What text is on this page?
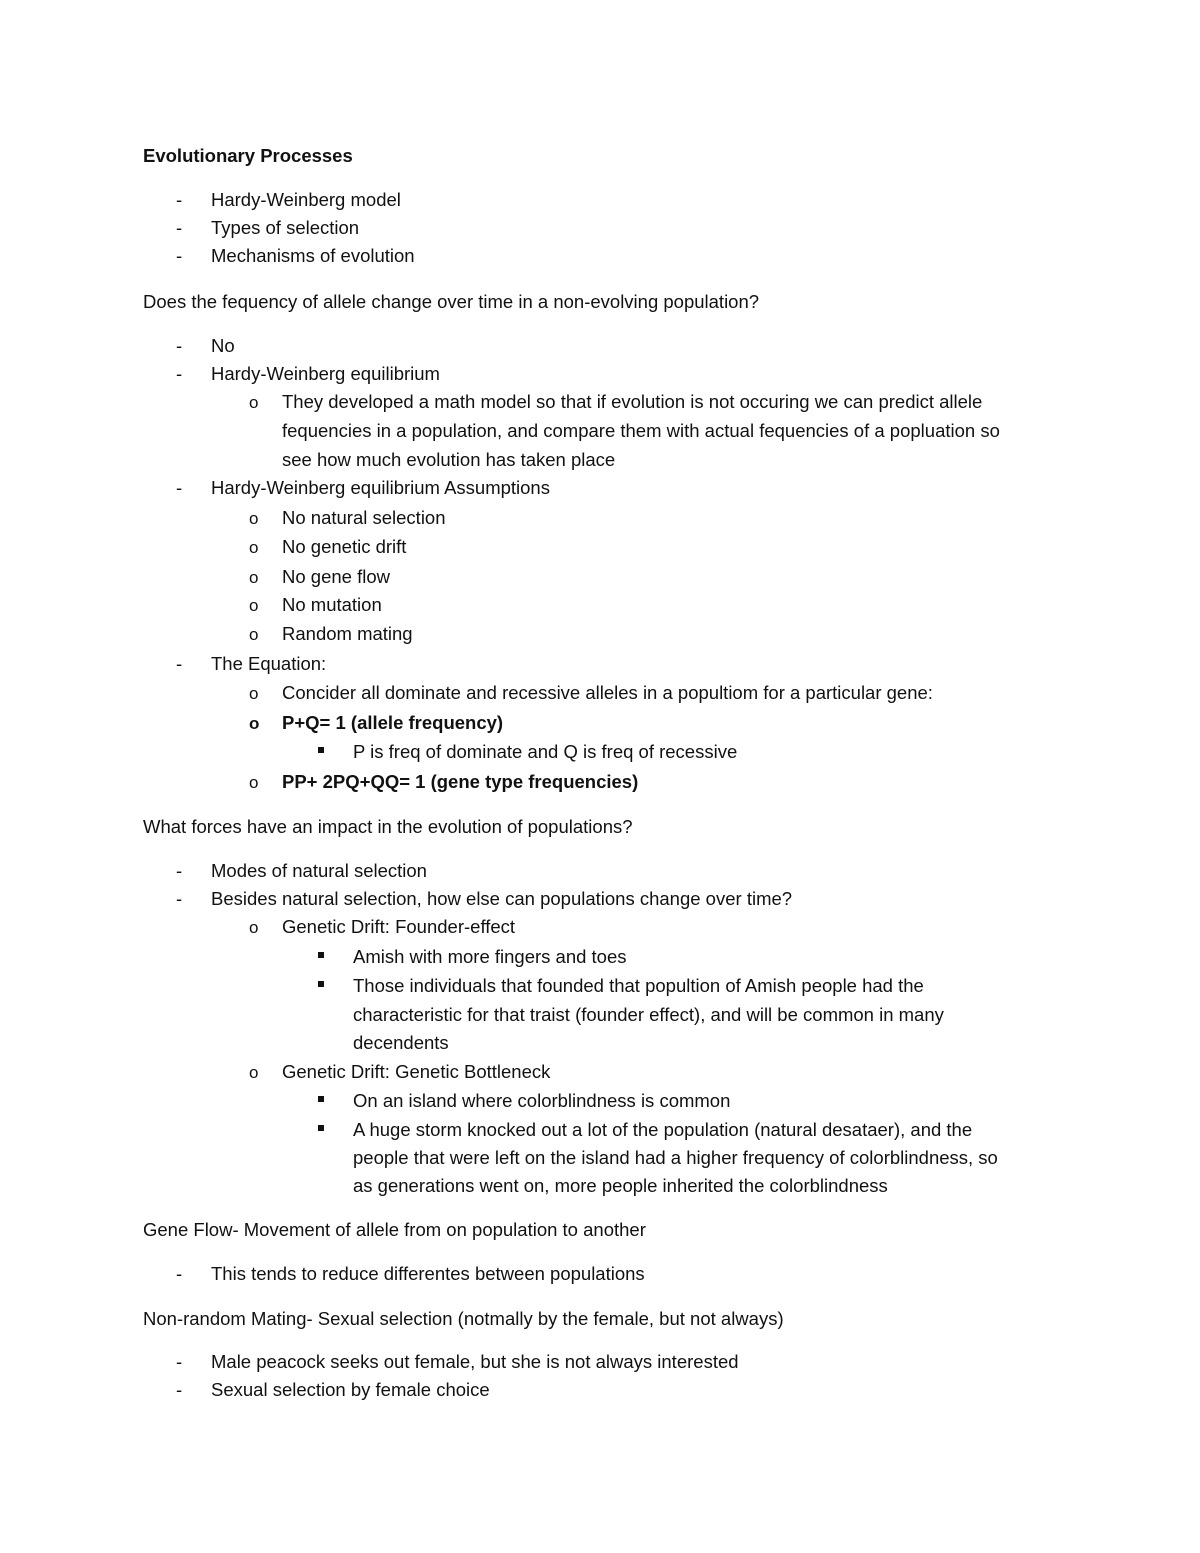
Evolutionary Processes
- Hardy-Weinberg model
- Types of selection
- Mechanisms of evolution
Does the fequency of allele change over time in a non-evolving population?
- No
- Hardy-Weinberg equilibrium
o They developed a math model so that if evolution is not occuring we can predict allele
fequencies in a population, and compare them with actual fequencies of a popluation so
see how much evolution has taken place
- Hardy-Weinberg equilibrium Assumptions
o No natural selection
o No genetic drift
o No gene flow
o No mutation
o Random mating
- The Equation:
o Concider all dominate and recessive alleles in a popultiom for a particular gene:
o P+Q= 1 (allele frequency)
P is freq of dominate and Q is freq of recessive
o PP+ 2PQ+QQ= 1 (gene type frequencies)
What forces have an impact in the evolution of populations?
- Modes of natural selection
- Besides natural selection, how else can populations change over time?
o Genetic Drift: Founder-effect
Amish with more fingers and toes
Those individuals that founded that popultion of Amish people had the
characteristic for that traist (founder effect), and will be common in many
decendents
o Genetic Drift: Genetic Bottleneck
On an island where colorblindness is common
A huge storm knocked out a lot of the population (natural desataer), and the
people that were left on the island had a higher frequency of colorblindness, so
as generations went on, more people inherited the colorblindness
Gene Flow- Movement of allele from on population to another
- This tends to reduce differentes between populations
Non-random Mating- Sexual selection (notmally by the female, but not always)
- Male peacock seeks out female, but she is not always interested
- Sexual selection by female choice
